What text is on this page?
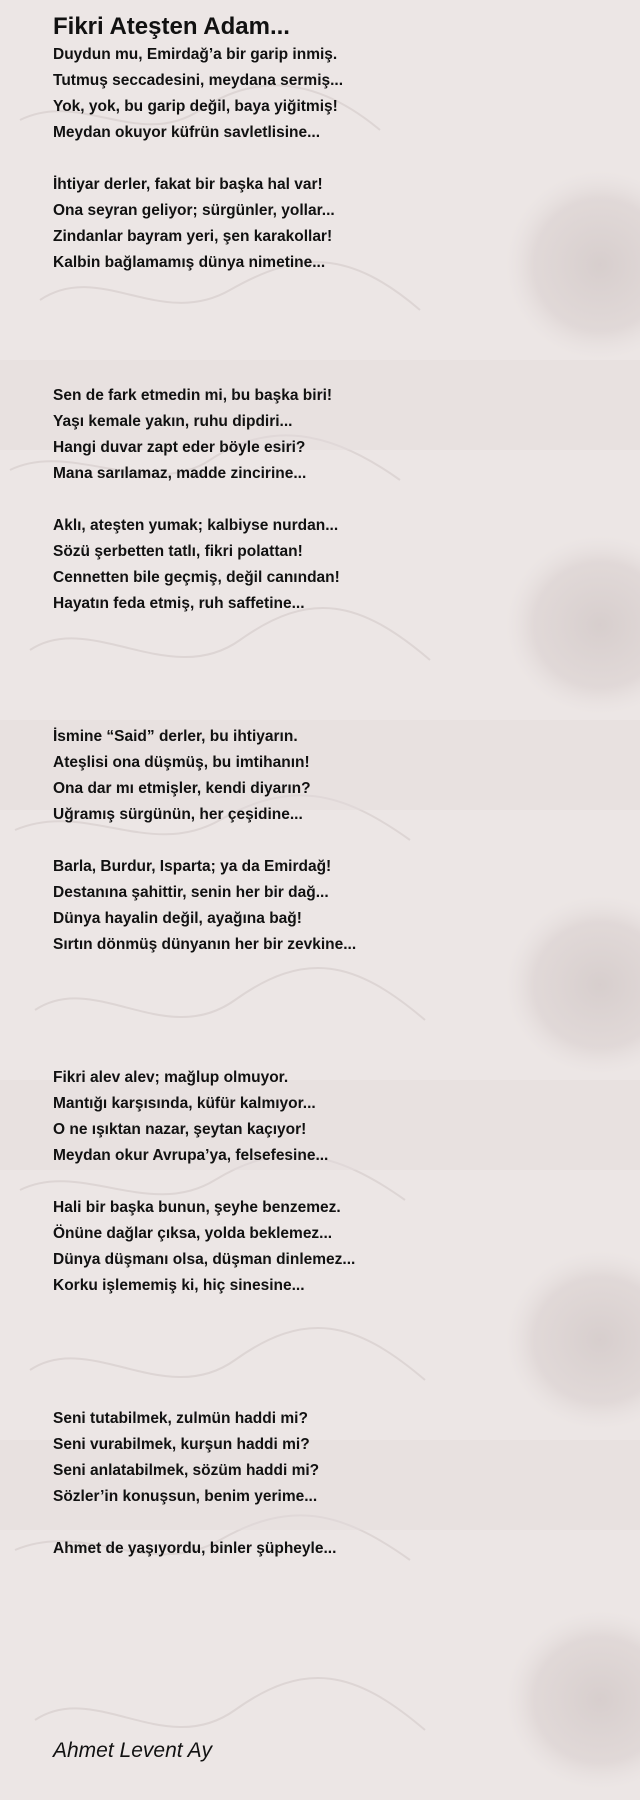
Fikri Ateşten Adam...

Duydun mu, Emirdağ’a bir garip inmiş.
Tutmuş seccadesini, meydana sermiş...
Yok, yok, bu garip değil, baya yiğitmiş!
Meydan okuyor küfrün savletlisine...

İhtiyar derler, fakat bir başka hal var!
Ona seyran geliyor; sürgünler, yollar...
Zindanlar bayram yeri, şen karakollar!
Kalbin bağlamamış dünya nimetine...

Sen de fark etmedin mi, bu başka biri!
Yaşı kemale yakın, ruhu dipdiri...
Hangi duvar zapt eder böyle esiri?
Mana sarılamaz, madde zincirine...

Aklı, ateşten yumak; kalbiyse nurdan...
Sözü şerbetten tatlı, fikri polattan!
Cennetten bile geçmiş, değil canından!
Hayatın feda etmiş, ruh saffetine...

İsmine “Said” derler, bu ihtiyarın.
Ateşlisi ona düşmüş, bu imtihanın!
Ona dar mı etmişler, kendi diyarın?
Uğramış sürgünün, her çeşidine...

Barla, Burdur, Isparta; ya da Emirdağ!
Destanına şahittir, senin her bir dağ...
Dünya hayalin değil, ayağına bağ!
Sırtın dönmüş dünyanın her bir zevkine...

Fikri alev alev; mağlup olmuyor.
Mantığı karşısında, küfür kalmıyor...
O ne ışıktan nazar, şeytan kaçıyor!
Meydan okur Avrupa’ya, felsefesine...

Hali bir başka bunun, şeyhe benzemez.
Önüne dağlar çıksa, yolda beklemez...
Dünya düşmanı olsa, düşman dinlemez...
Korku işlememiş ki, hiç sinesine...

Seni tutabilmek, zulmün haddi mi?
Seni vurabilmek, kurşun haddi mi?
Seni anlatabilmek, sözüm haddi mi?
Sözler’in konuşsun, benim yerime...

Ahmet de yaşıyordu, binler şüpheyle...

Ahmet Levent Ay
